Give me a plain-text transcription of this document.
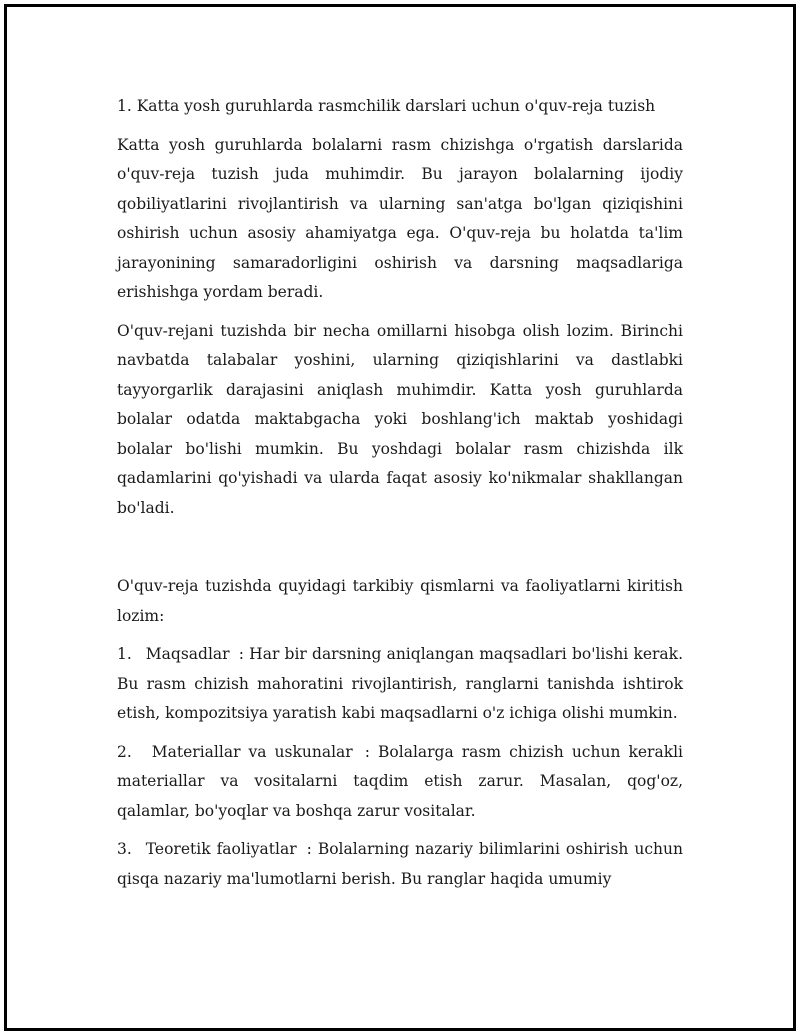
1. Katta yosh guruhlarda rasmchilik darslari uchun o'quv-reja tuzish

Katta yosh guruhlarda bolalarni rasm chizishga o'rgatish darslarida o'quv-reja tuzish juda muhimdir. Bu jarayon bolalarning ijodiy qobiliyatlarini rivojlantirish va ularning san'atga bo'lgan qiziqishini oshirish uchun asosiy ahamiyatga ega. O'quv-reja bu holatda ta'lim jarayonining samaradorligini oshirish va darsning maqsadlariga erishishga yordam beradi.

O'quv-rejani tuzishda bir necha omillarni hisobga olish lozim. Birinchi navbatda talabalar yoshini, ularning qiziqishlarini va dastlabki tayyorgarlik darajasini aniqlash muhimdir. Katta yosh guruhlarda bolalar odatda maktabgacha yoki boshlang'ich maktab yoshidagi bolalar bo'lishi mumkin. Bu yoshdagi bolalar rasm chizishda ilk qadamlarini qo'yishadi va ularda faqat asosiy ko'nikmalar shakllangan bo'ladi.

O'quv-reja tuzishda quyidagi tarkibiy qismlarni va faoliyatlarni kiritish lozim:

1. Maqsadlar : Har bir darsning aniqlangan maqsadlari bo'lishi kerak. Bu rasm chizish mahoratini rivojlantirish, ranglarni tanishda ishtirok etish, kompozitsiya yaratish kabi maqsadlarni o'z ichiga olishi mumkin.

2. Materiallar va uskunalar : Bolalarga rasm chizish uchun kerakli materiallar va vositalarni taqdim etish zarur. Masalan, qog'oz, qalamlar, bo'yoqlar va boshqa zarur vositalar.

3. Teoretik faoliyatlar : Bolalarning nazariy bilimlarini oshirish uchun qisqa nazariy ma'lumotlarni berish. Bu ranglar haqida umumiy
